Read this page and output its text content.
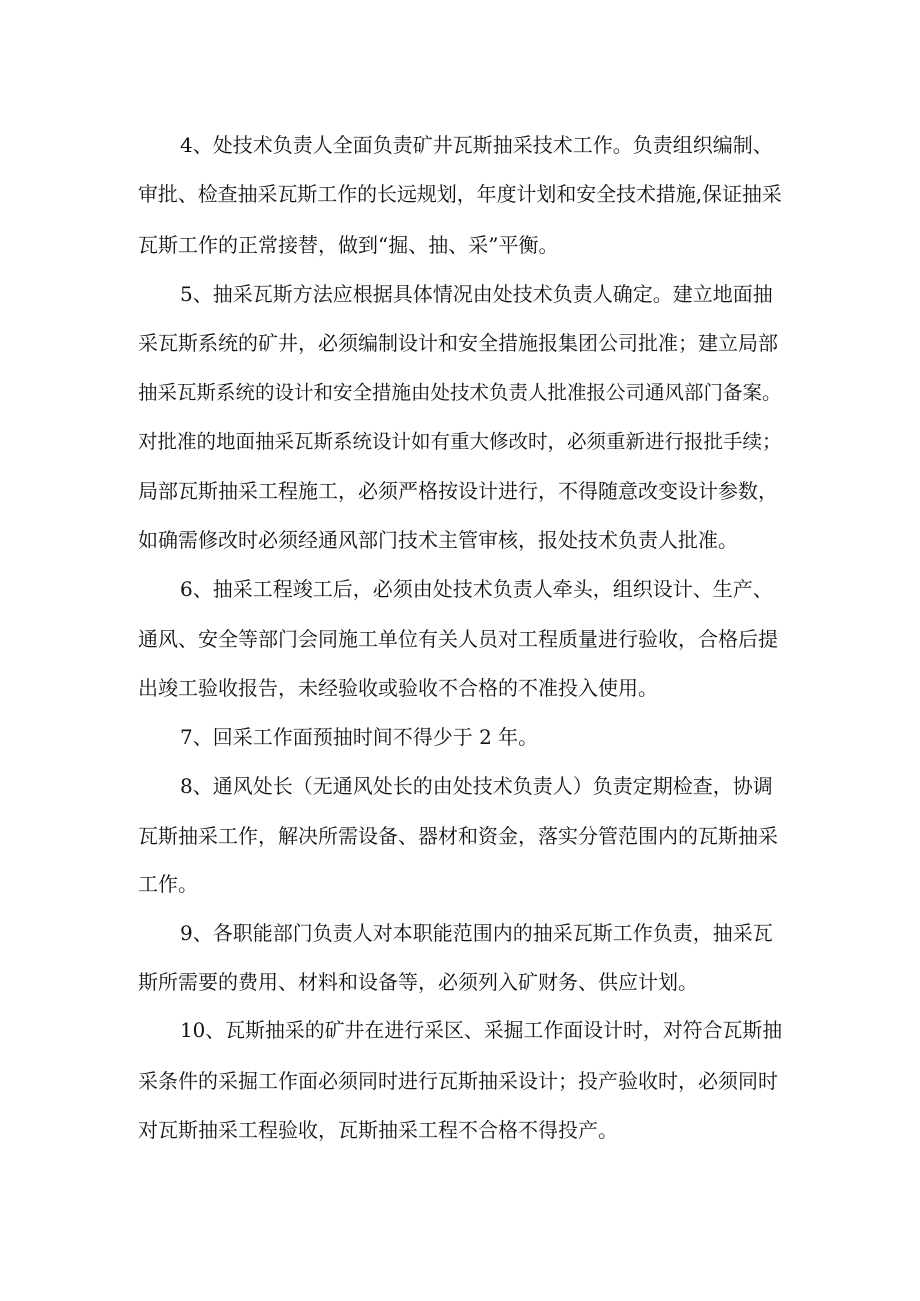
4、处技术负责人全面负责矿井瓦斯抽采技术工作。负责组织编制、

审批、检查抽采瓦斯工作的长远规划，年度计划和安全技术措施,保证抽采

瓦斯工作的正常接替，做到“掘、抽、采”平衡。

5、抽采瓦斯方法应根据具体情况由处技术负责人确定。建立地面抽

采瓦斯系统的矿井，必须编制设计和安全措施报集团公司批准；建立局部

抽采瓦斯系统的设计和安全措施由处技术负责人批准报公司通风部门备案。

对批准的地面抽采瓦斯系统设计如有重大修改时，必须重新进行报批手续；

局部瓦斯抽采工程施工，必须严格按设计进行，不得随意改变设计参数，

如确需修改时必须经通风部门技术主管审核，报处技术负责人批准。

6、抽采工程竣工后，必须由处技术负责人牵头，组织设计、生产、

通风、安全等部门会同施工单位有关人员对工程质量进行验收，合格后提

出竣工验收报告，未经验收或验收不合格的不准投入使用。

7、回采工作面预抽时间不得少于 2 年。

8、通风处长（无通风处长的由处技术负责人）负责定期检查，协调

瓦斯抽采工作，解决所需设备、器材和资金，落实分管范围内的瓦斯抽采

工作。

9、各职能部门负责人对本职能范围内的抽采瓦斯工作负责，抽采瓦

斯所需要的费用、材料和设备等，必须列入矿财务、供应计划。

10、瓦斯抽采的矿井在进行采区、采掘工作面设计时，对符合瓦斯抽

采条件的采掘工作面必须同时进行瓦斯抽采设计；投产验收时，必须同时

对瓦斯抽采工程验收，瓦斯抽采工程不合格不得投产。
